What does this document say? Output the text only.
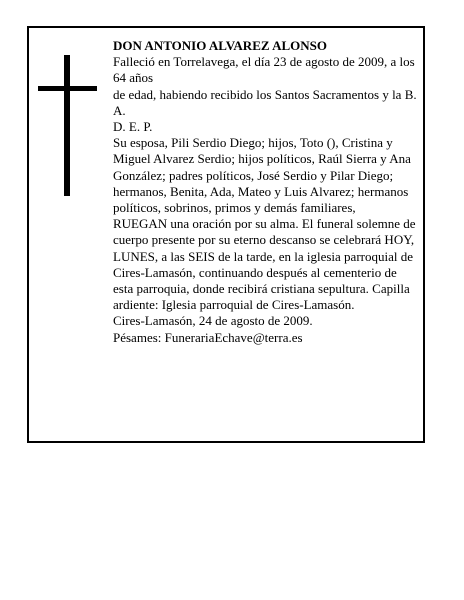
DON ANTONIO ALVAREZ ALONSO

Falleció en Torrelavega, el día 23 de agosto de 2009, a los 64 años

de edad, habiendo recibido los Santos Sacramentos y la B. A.

D. E. P.

Su esposa, Pili Serdio Diego; hijos, Toto (), Cristina y Miguel Alvarez Serdio; hijos políticos, Raúl Sierra y Ana González; padres políticos, José Serdio y Pilar Diego; hermanos, Benita, Ada, Mateo y Luis Alvarez; hermanos políticos, sobrinos, primos y demás familiares,

RUEGAN una oración por su alma. El funeral solemne de cuerpo presente por su eterno descanso se celebrará HOY, LUNES, a las SEIS de la tarde, en la iglesia parroquial de Cires-Lamasón, continuando después al cementerio de esta parroquia, donde recibirá cristiana sepultura. Capilla ardiente: Iglesia parroquial de Cires-Lamasón.

Cires-Lamasón, 24 de agosto de 2009.

Pésames: FunerariaEchave@terra.es
